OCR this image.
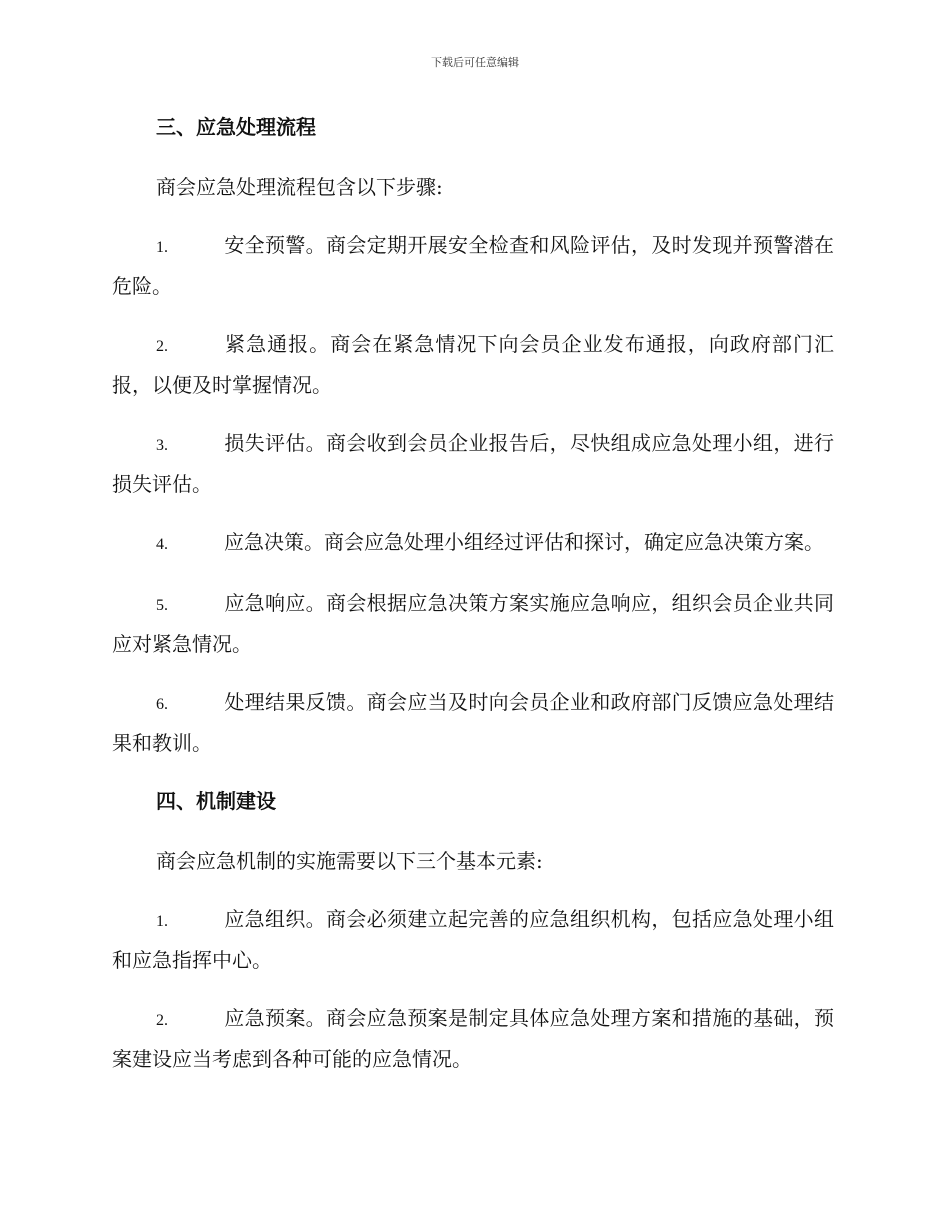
下载后可任意编辑
三、应急处理流程
商会应急处理流程包含以下步骤:
1.	安全预警。商会定期开展安全检查和风险评估，及时发现并预警潜在危险。
2.	紧急通报。商会在紧急情况下向会员企业发布通报，向政府部门汇报，以便及时掌握情况。
3.	损失评估。商会收到会员企业报告后，尽快组成应急处理小组，进行损失评估。
4.	应急决策。商会应急处理小组经过评估和探讨，确定应急决策方案。
5.	应急响应。商会根据应急决策方案实施应急响应，组织会员企业共同应对紧急情况。
6.	处理结果反馈。商会应当及时向会员企业和政府部门反馈应急处理结果和教训。
四、机制建设
商会应急机制的实施需要以下三个基本元素:
1.	应急组织。商会必须建立起完善的应急组织机构，包括应急处理小组和应急指挥中心。
2.	应急预案。商会应急预案是制定具体应急处理方案和措施的基础，预案建设应当考虑到各种可能的应急情况。
